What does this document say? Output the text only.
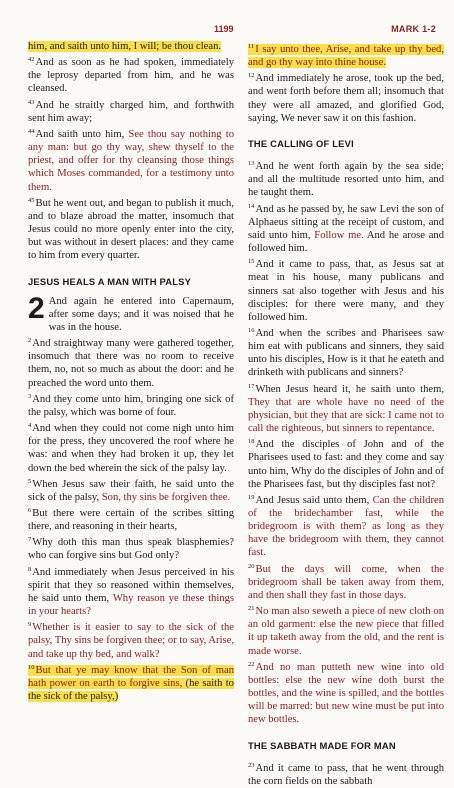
1199	MARK 1-2

him, and saith unto him, I will; be thou clean.

$^{42}$And as soon as he had spoken, immediately the leprosy departed from him, and he was cleansed.

$^{43}$And he straitly charged him, and forthwith sent him away;

$^{44}$And saith unto him, See thou say nothing to any man: but go thy way, shew thyself to the priest, and offer for thy cleansing those things which Moses commanded, for a testimony unto them.

$^{45}$But he went out, and began to publish it much, and to blaze abroad the matter, insomuch that Jesus could no more openly enter into the city, but was without in desert places: and they came to him from every quarter.

JESUS HEALS A MAN WITH PALSY

2 And again he entered into Capernaum, after some days; and it was noised that he was in the house.

$^2$And straightway many were gathered together, insomuch that there was no room to receive them, no, not so much as about the door: and he preached the word unto them.

$^3$And they come unto him, bringing one sick of the palsy, which was borne of four.

$^4$And when they could not come nigh unto him for the press, they uncovered the roof where he was: and when they had broken it up, they let down the bed wherein the sick of the palsy lay.

$^5$When Jesus saw their faith, he said unto the sick of the palsy, Son, thy sins be forgiven thee.

$^6$But there were certain of the scribes sitting there, and reasoning in their hearts,

$^7$Why doth this man thus speak blasphemies? who can forgive sins but God only?

$^8$And immediately when Jesus perceived in his spirit that they so reasoned within themselves, he said unto them, Why reason ye these things in your hearts?

$^9$Whether is it easier to say to the sick of the palsy, Thy sins be forgiven thee; or to say, Arise, and take up thy bed, and walk?

$^{10}$But that ye may know that the Son of man hath power on earth to forgive sins, (he saith to the sick of the palsy,)

$^{11}$I say unto thee, Arise, and take up thy bed, and go thy way into thine house.

$^{12}$And immediately he arose, took up the bed, and went forth before them all; insomuch that they were all amazed, and glorified God, saying, We never saw it on this fashion.

THE CALLING OF LEVI

$^{13}$And he went forth again by the sea side; and all the multitude resorted unto him, and he taught them.

$^{14}$And as he passed by, he saw Levi the son of Alphaeus sitting at the receipt of custom, and said unto him, Follow me. And he arose and followed him.

$^{15}$And it came to pass, that, as Jesus sat at meat in his house, many publicans and sinners sat also together with Jesus and his disciples: for there were many, and they followed him.

$^{16}$And when the scribes and Pharisees saw him eat with publicans and sinners, they said unto his disciples, How is it that he eateth and drinketh with publicans and sinners?

$^{17}$When Jesus heard it, he saith unto them, They that are whole have no need of the physician, but they that are sick: I came not to call the righteous, but sinners to repentance.

$^{18}$And the disciples of John and of the Pharisees used to fast: and they come and say unto him, Why do the disciples of John and of the Pharisees fast, but thy disciples fast not?

$^{19}$And Jesus said unto them, Can the children of the bridechamber fast, while the bridegroom is with them? as long as they have the bridegroom with them, they cannot fast.

$^{20}$But the days will come, when the bridegroom shall be taken away from them, and then shall they fast in those days.

$^{21}$No man also seweth a piece of new cloth on an old garment: else the new piece that filled it up taketh away from the old, and the rent is made worse.

$^{22}$And no man putteth new wine into old bottles: else the new wine doth burst the bottles, and the wine is spilled, and the bottles will be marred: but new wine must be put into new bottles.

THE SABBATH MADE FOR MAN

$^{23}$And it came to pass, that he went through the corn fields on the sabbath
